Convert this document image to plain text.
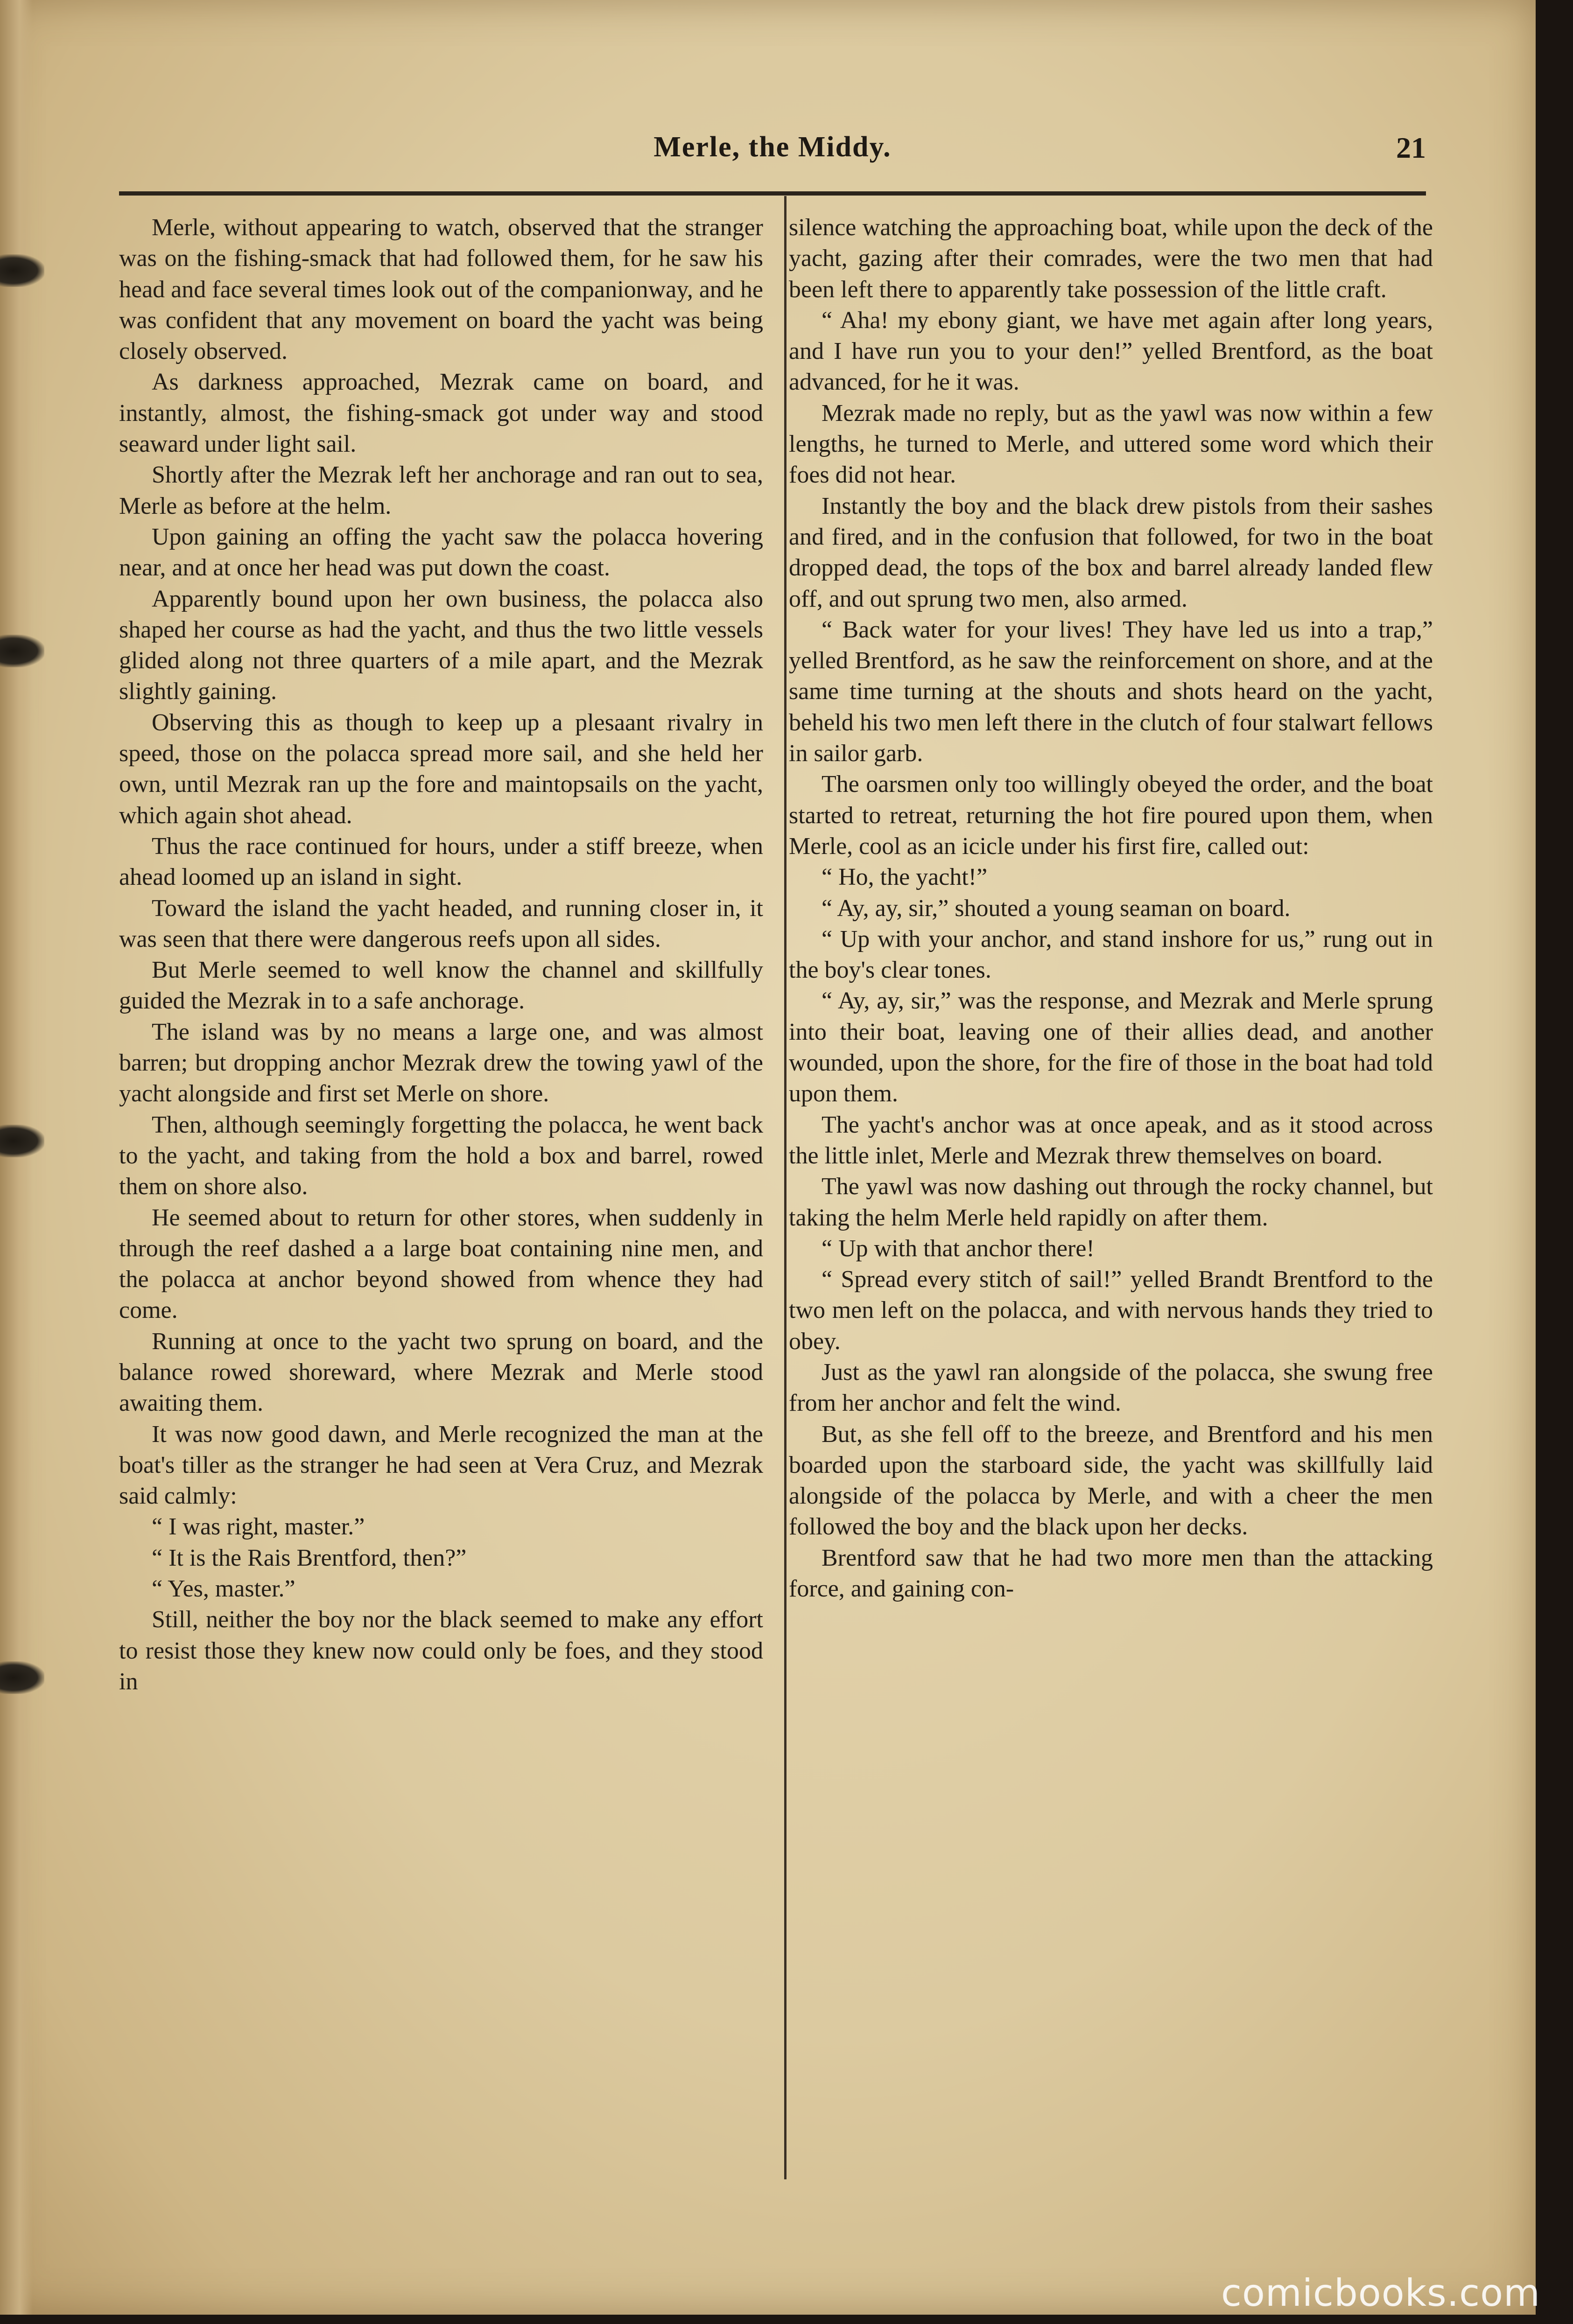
Merle, the Middy.	21

Merle, without appearing to watch, observed that the stranger was on the fishing-smack that had followed them, for he saw his head and face several times look out of the companionway, and he was confident that any movement on board the yacht was being closely observed.

As darkness approached, Mezrak came on board, and instantly, almost, the fishing-smack got under way and stood seaward under light sail.

Shortly after the Mezrak left her anchorage and ran out to sea, Merle as before at the helm.

Upon gaining an offing the yacht saw the polacca hovering near, and at once her head was put down the coast.

Apparently bound upon her own business, the polacca also shaped her course as had the yacht, and thus the two little vessels glided along not three quarters of a mile apart, and the Mezrak slightly gaining.

Observing this as though to keep up a plesaant rivalry in speed, those on the polacca spread more sail, and she held her own, until Mezrak ran up the fore and maintopsails on the yacht, which again shot ahead.

Thus the race continued for hours, under a stiff breeze, when ahead loomed up an island in sight.

Toward the island the yacht headed, and running closer in, it was seen that there were dangerous reefs upon all sides.

But Merle seemed to well know the channel and skillfully guided the Mezrak in to a safe anchorage.

The island was by no means a large one, and was almost barren; but dropping anchor Mezrak drew the towing yawl of the yacht alongside and first set Merle on shore.

Then, although seemingly forgetting the polacca, he went back to the yacht, and taking from the hold a box and barrel, rowed them on shore also.

He seemed about to return for other stores, when suddenly in through the reef dashed a a large boat containing nine men, and the polacca at anchor beyond showed from whence they had come.

Running at once to the yacht two sprung on board, and the balance rowed shoreward, where Mezrak and Merle stood awaiting them.

It was now good dawn, and Merle recognized the man at the boat's tiller as the stranger he had seen at Vera Cruz, and Mezrak said calmly:

“ I was right, master.”

“ It is the Rais Brentford, then?”

“ Yes, master.”

Still, neither the boy nor the black seemed to make any effort to resist those they knew now could only be foes, and they stood in

silence watching the approaching boat, while upon the deck of the yacht, gazing after their comrades, were the two men that had been left there to apparently take possession of the little craft.

“ Aha! my ebony giant, we have met again after long years, and I have run you to your den!” yelled Brentford, as the boat advanced, for he it was.

Mezrak made no reply, but as the yawl was now within a few lengths, he turned to Merle, and uttered some word which their foes did not hear.

Instantly the boy and the black drew pistols from their sashes and fired, and in the confusion that followed, for two in the boat dropped dead, the tops of the box and barrel already landed flew off, and out sprung two men, also armed.

“ Back water for your lives! They have led us into a trap,” yelled Brentford, as he saw the reinforcement on shore, and at the same time turning at the shouts and shots heard on the yacht, beheld his two men left there in the clutch of four stalwart fellows in sailor garb.

The oarsmen only too willingly obeyed the order, and the boat started to retreat, returning the hot fire poured upon them, when Merle, cool as an icicle under his first fire, called out:

“ Ho, the yacht!”

“ Ay, ay, sir,” shouted a young seaman on board.

“ Up with your anchor, and stand inshore for us,” rung out in the boy's clear tones.

“ Ay, ay, sir,” was the response, and Mezrak and Merle sprung into their boat, leaving one of their allies dead, and another wounded, upon the shore, for the fire of those in the boat had told upon them.

The yacht's anchor was at once apeak, and as it stood across the little inlet, Merle and Mezrak threw themselves on board.

The yawl was now dashing out through the rocky channel, but taking the helm Merle held rapidly on after them.

“ Up with that anchor there!

“ Spread every stitch of sail!” yelled Brandt Brentford to the two men left on the polacca, and with nervous hands they tried to obey.

Just as the yawl ran alongside of the polacca, she swung free from her anchor and felt the wind.

But, as she fell off to the breeze, and Brentford and his men boarded upon the starboard side, the yacht was skillfully laid alongside of the polacca by Merle, and with a cheer the men followed the boy and the black upon her decks.

Brentford saw that he had two more men than the attacking force, and gaining con-

comicbooks.com
